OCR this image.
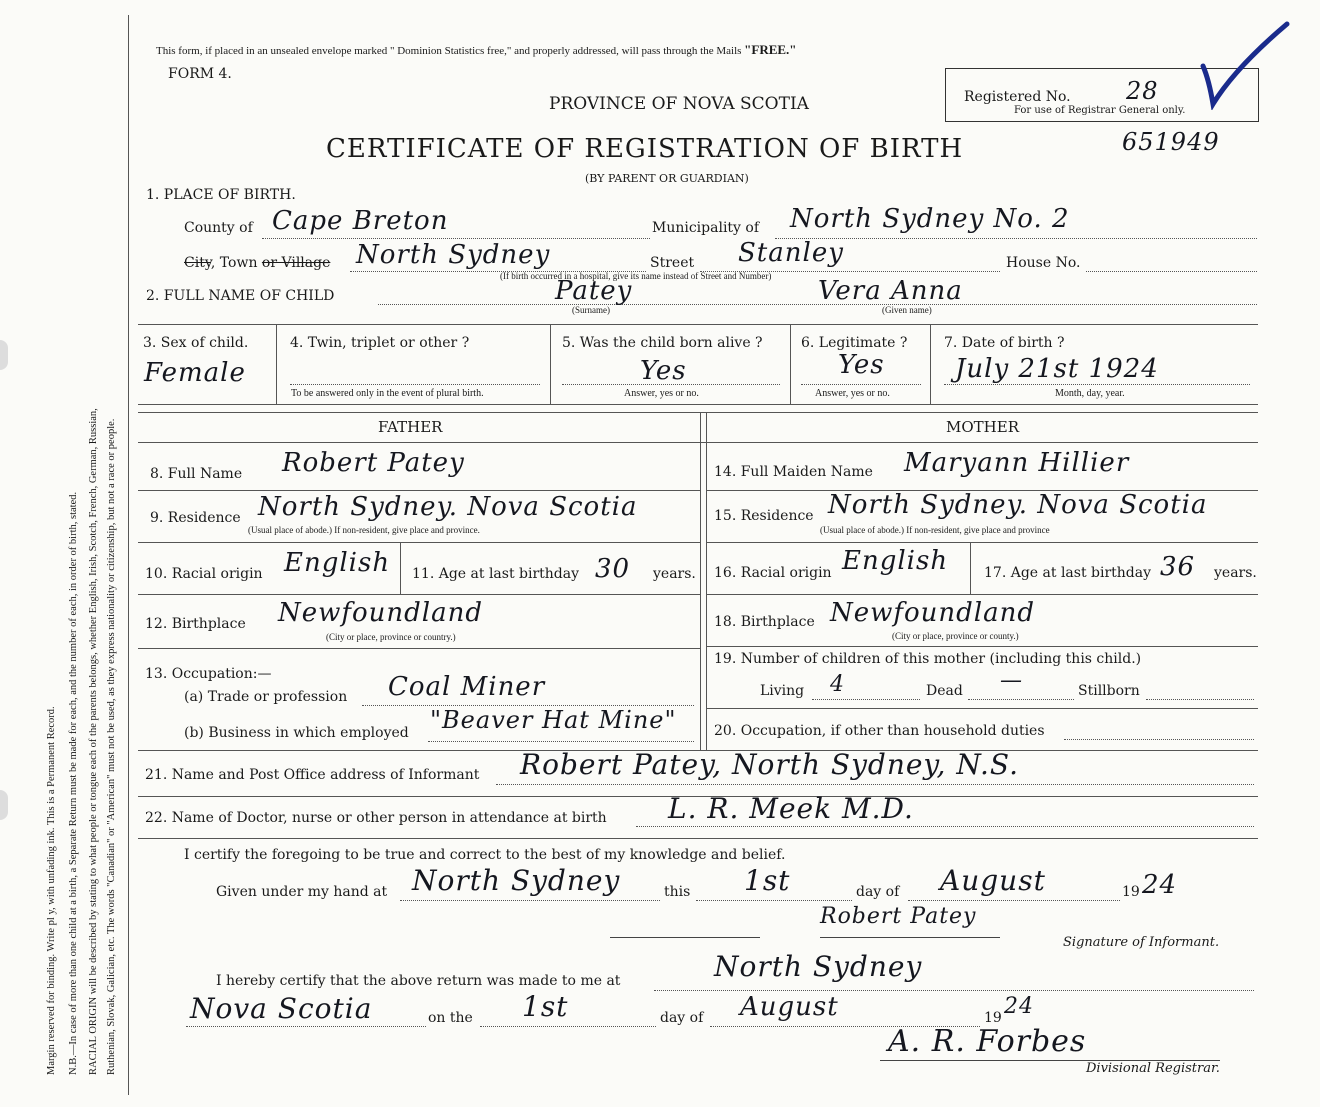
Margin reserved for binding. Write pl y, with unfading ink. This is a Permanent Record. N.B.—In case of more than one child at a birth, a Separate Return must be made for each, and the number of each, in order of birth, stated. RACIAL ORIGIN will be described by stating to what people or tongue each of the parents belongs, whether English, Irish, Scotch, French, German, Russian, Ruthenian, Slovak, Galician, etc. The words "Canadian" or "American" must not be used, as they express nationality or citizenship, but not a race or people.
This form, if placed in an unsealed envelope marked " Dominion Statistics free," and properly addressed, will pass through the Mails "FREE."
FORM 4.
PROVINCE OF NOVA SCOTIA
CERTIFICATE OF REGISTRATION OF BIRTH
(BY PARENT OR GUARDIAN)
Registered No. 28
For use of Registrar General only.
651949
1. PLACE OF BIRTH.
County of Cape Breton	Municipality of North Sydney No. 2
City, Town or Village North Sydney	Street Stanley	House No.
(If birth occurred in a hospital, give its name instead of Street and Number)
2. FULL NAME OF CHILD	Patey
(Surname)
Vera Anna
(Given name)
3. Sex of child.
Female
4. Twin, triplet or other ?
To be answered only in the event of plural birth.
5. Was the child born alive ?
Yes
Answer, yes or no.
6. Legitimate ?
Yes
Answer, yes or no.
7. Date of birth ?
July 21st 1924
Month, day, year.
FATHER	MOTHER
8. Full Name Robert Patey
9. Residence North Sydney. Nova Scotia
(Usual place of abode.) If non-resident, give place and province.
10. Racial origin English 11. Age at last birthday 30 years.
12. Birthplace Newfoundland
(City or place, province or country.)
13. Occupation:—
(a) Trade or profession Coal Miner
(b) Business in which employed "Beaver Hat Mine"
14. Full Maiden Name Maryann Hillier
15. Residence North Sydney. Nova Scotia
(Usual place of abode.) If non-resident, give place and province
16. Racial origin English	17. Age at last birthday 36 years.
18. Birthplace Newfoundland
(City or place, province or county.)
19. Number of children of this mother (including this child.)
Living 4	Dead —	Stillborn
20. Occupation, if other than household duties
21. Name and Post Office address of Informant Robert Patey, North Sydney, N.S.
22. Name of Doctor, nurse or other person in attendance at birth L. R. Meek M.D.
I certify the foregoing to be true and correct to the best of my knowledge and belief.
Given under my hand at North Sydney	this 1st	day of August	19 24
Robert Patey
Signature of Informant.
I hereby certify that the above return was made to me at	North Sydney
Nova Scotia	on the 1st	day of August	19 24
A. R. Forbes
Divisional Registrar.
